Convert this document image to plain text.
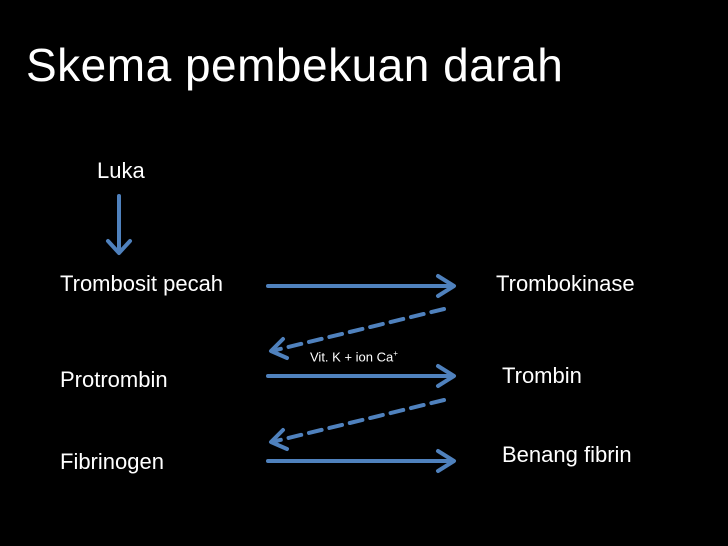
Skema pembekuan darah
Luka
Trombosit pecah	Trombokinase
Protrombin	Trombin
Fibrinogen	Benang fibrin
Vit. K + ion Ca+
